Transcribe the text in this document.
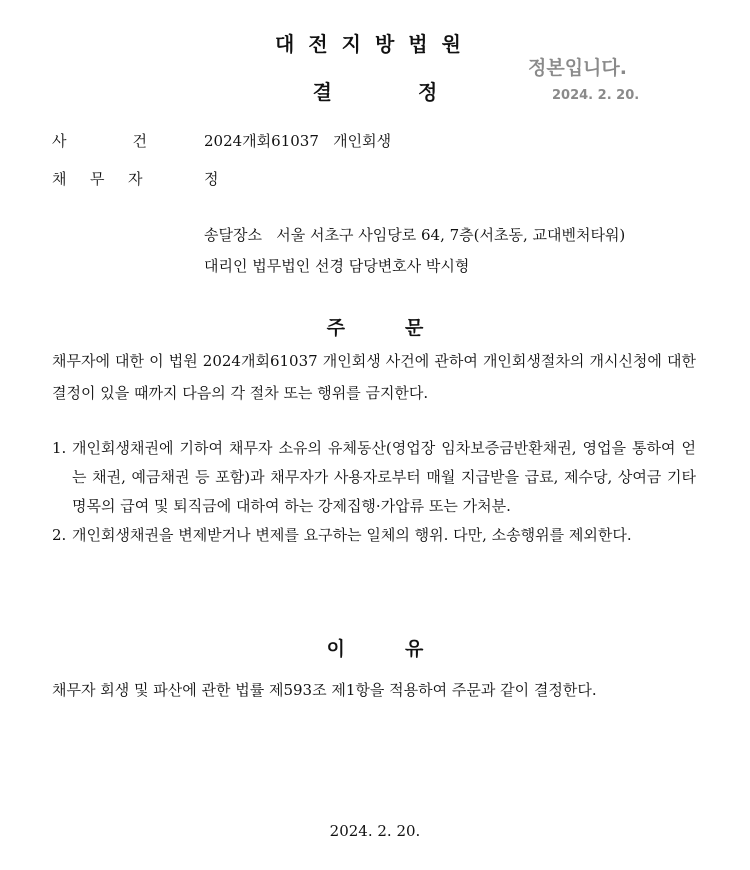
대전지방법원
결	정
정본입니다.
2024. 2. 20.
사	건	2024개회61037   개인회생
채 무 자	정
송달장소   서울 서초구 사임당로 64, 7층(서초동, 교대벤처타워)
대리인 법무법인 선경 담당변호사 박시형
주	문
채무자에 대한 이 법원 2024개회61037 개인회생 사건에 관하여 개인회생절차의 개시신청에 대한 결정이 있을 때까지 다음의 각 절차 또는 행위를 금지한다.
1. 개인회생채권에 기하여 채무자 소유의 유체동산(영업장 임차보증금반환채권, 영업을 통하여 얻는 채권, 예금채권 등 포함)과 채무자가 사용자로부터 매월 지급받을 급료, 제수당, 상여금 기타 명목의 급여 및 퇴직금에 대하여 하는 강제집행·가압류 또는 가처분.
2. 개인회생채권을 변제받거나 변제를 요구하는 일체의 행위. 다만, 소송행위를 제외한다.
이	유
채무자 회생 및 파산에 관한 법률 제593조 제1항을 적용하여 주문과 같이 결정한다.
2024. 2. 20.
